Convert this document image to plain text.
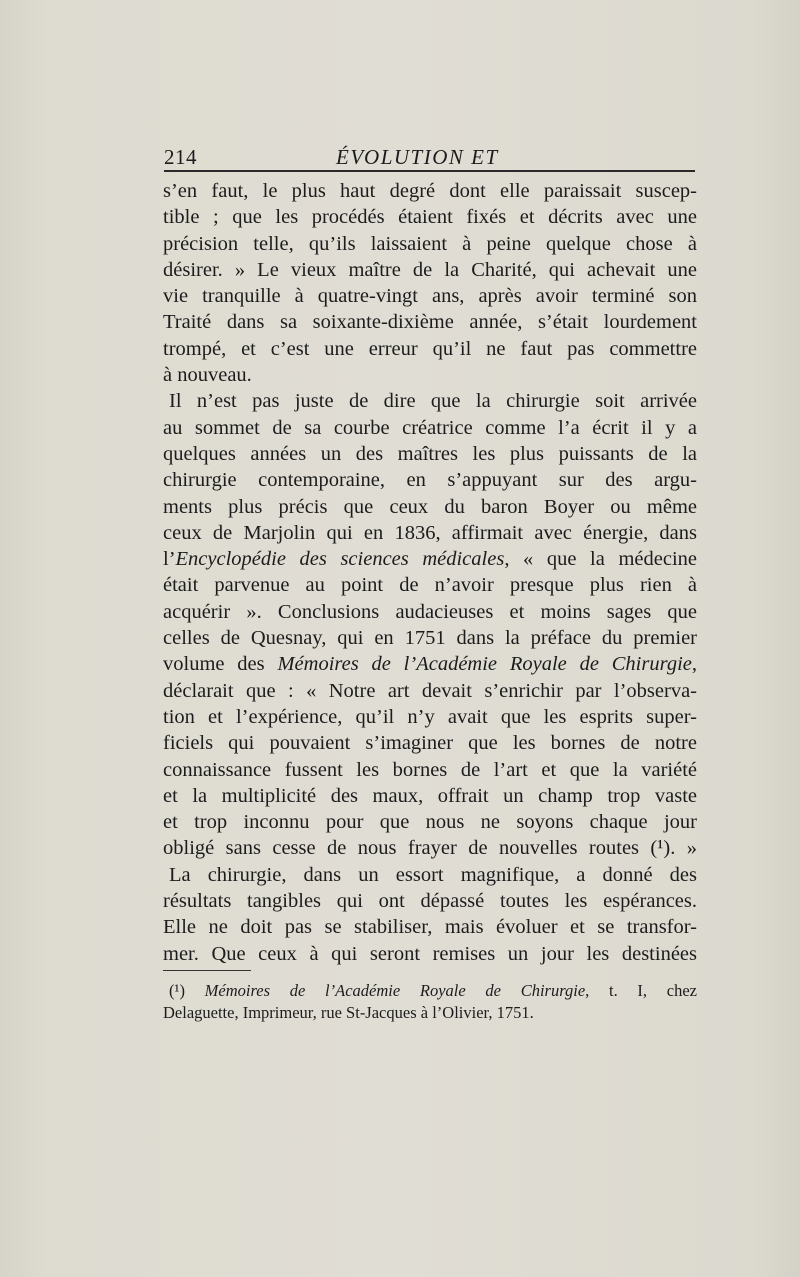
214	ÉVOLUTION ET
s’en faut, le plus haut degré dont elle paraissait suscep-
tible ; que les procédés étaient fixés et décrits avec une
précision telle, qu’ils laissaient à peine quelque chose à
désirer. » Le vieux maître de la Charité, qui achevait une
vie tranquille à quatre-vingt ans, après avoir terminé son
Traité dans sa soixante-dixième année, s’était lourdement
trompé, et c’est une erreur qu’il ne faut pas commettre
à nouveau.
Il n’est pas juste de dire que la chirurgie soit arrivée
au sommet de sa courbe créatrice comme l’a écrit il y a
quelques années un des maîtres les plus puissants de la
chirurgie contemporaine, en s’appuyant sur des argu-
ments plus précis que ceux du baron Boyer ou même
ceux de Marjolin qui en 1836, affirmait avec énergie, dans
l’Encyclopédie des sciences médicales, « que la médecine
était parvenue au point de n’avoir presque plus rien à
acquérir ». Conclusions audacieuses et moins sages que
celles de Quesnay, qui en 1751 dans la préface du premier
volume des Mémoires de l’Académie Royale de Chirurgie,
déclarait que : « Notre art devait s’enrichir par l’observa-
tion et l’expérience, qu’il n’y avait que les esprits super-
ficiels qui pouvaient s’imaginer que les bornes de notre
connaissance fussent les bornes de l’art et que la variété
et la multiplicité des maux, offrait un champ trop vaste
et trop inconnu pour que nous ne soyons chaque jour
obligé sans cesse de nous frayer de nouvelles routes (¹). »
La chirurgie, dans un essort magnifique, a donné des
résultats tangibles qui ont dépassé toutes les espérances.
Elle ne doit pas se stabiliser, mais évoluer et se transfor-
mer. Que ceux à qui seront remises un jour les destinées
(¹) Mémoires de l’Académie Royale de Chirurgie, t. I, chez
Delaguette, Imprimeur, rue St-Jacques à l’Olivier, 1751.
